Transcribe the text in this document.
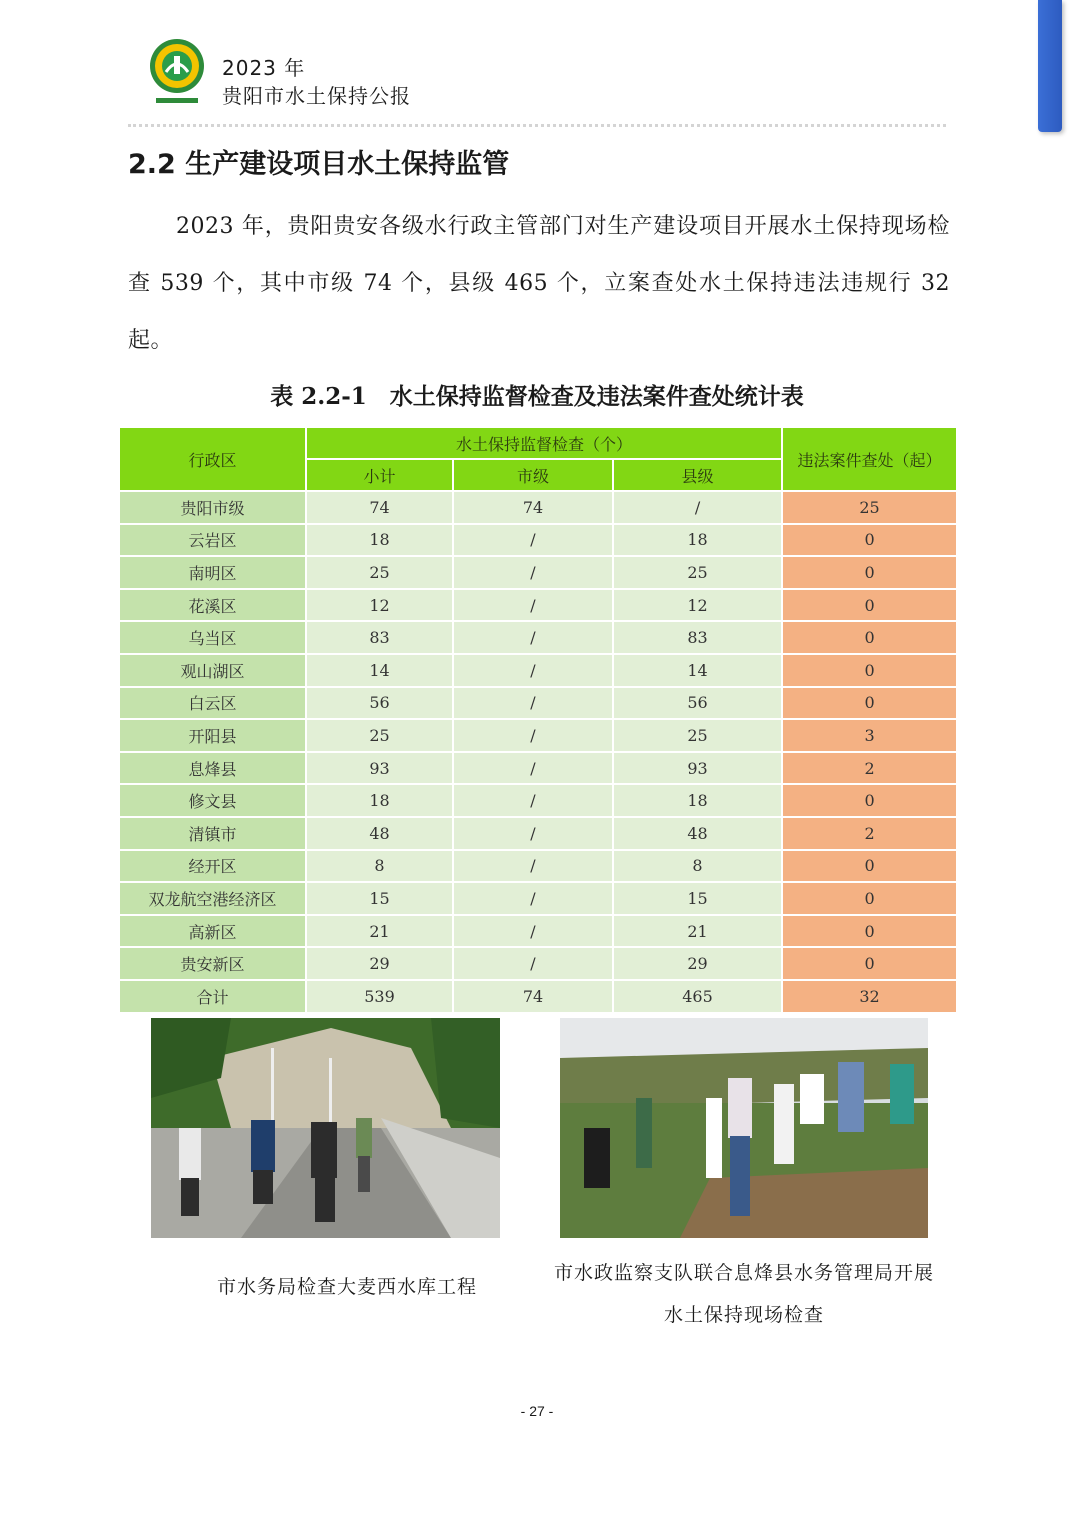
2023 年
贵阳市水土保持公报
2.2 生产建设项目水土保持监管
2023 年，贵阳贵安各级水行政主管部门对生产建设项目开展水土保持现场检查 539 个，其中市级 74 个，县级 465 个，立案查处水土保持违法违规行 32 起。
表 2.2-1　水土保持监督检查及违法案件查处统计表
行政区	水土保持监督检查（个）			违法案件查处（起）
	小计	市级	县级	
贵阳市级	74	74	/	25
云岩区	18	/	18	0
南明区	25	/	25	0
花溪区	12	/	12	0
乌当区	83	/	83	0
观山湖区	14	/	14	0
白云区	56	/	56	0
开阳县	25	/	25	3
息烽县	93	/	93	2
修文县	18	/	18	0
清镇市	48	/	48	2
经开区	8	/	8	0
双龙航空港经济区	15	/	15	0
高新区	21	/	21	0
贵安新区	29	/	29	0
合计	539	74	465	32
市水务局检查大麦西水库工程
市水政监察支队联合息烽县水务管理局开展水土保持现场检查
- 27 -
